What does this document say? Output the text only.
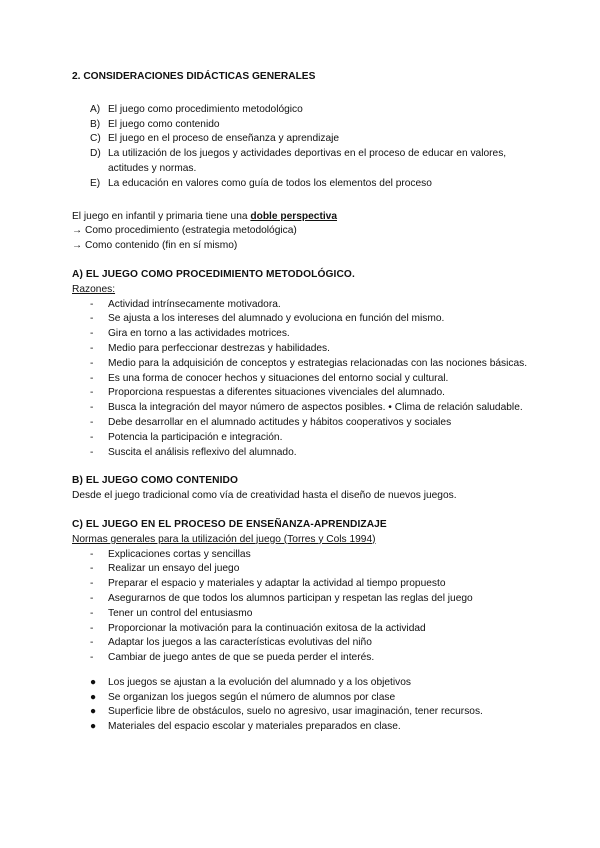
2. CONSIDERACIONES DIDÁCTICAS GENERALES

A) El juego como procedimiento metodológico
B) El juego como contenido
C) El juego en el proceso de enseñanza y aprendizaje
D) La utilización de los juegos y actividades deportivas en el proceso de educar en valores, actitudes y normas.
E) La educación en valores como guía de todos los elementos del proceso

El juego en infantil y primaria tiene una doble perspectiva

→ Como procedimiento (estrategia metodológica)

→ Como contenido (fin en sí mismo)

A) EL JUEGO COMO PROCEDIMIENTO METODOLÓGICO.

Razones:

- Actividad intrínsecamente motivadora.
- Se ajusta a los intereses del alumnado y evoluciona en función del mismo.
- Gira en torno a las actividades motrices.
- Medio para perfeccionar destrezas y habilidades.
- Medio para la adquisición de conceptos y estrategias relacionadas con las nociones básicas.
- Es una forma de conocer hechos y situaciones del entorno social y cultural.
- Proporciona respuestas a diferentes situaciones vivenciales del alumnado.
- Busca la integración del mayor número de aspectos posibles. • Clima de relación saludable.
- Debe desarrollar en el alumnado actitudes y hábitos cooperativos y sociales
- Potencia la participación e integración.
- Suscita el análisis reflexivo del alumnado.

B) EL JUEGO COMO CONTENIDO

Desde el juego tradicional como vía de creatividad hasta el diseño de nuevos juegos.

C) EL JUEGO EN EL PROCESO DE ENSEÑANZA-APRENDIZAJE

Normas generales para la utilización del juego (Torres y Cols 1994)

- Explicaciones cortas y sencillas
- Realizar un ensayo del juego
- Preparar el espacio y materiales y adaptar la actividad al tiempo propuesto
- Asegurarnos de que todos los alumnos participan y respetan las reglas del juego
- Tener un control del entusiasmo
- Proporcionar la motivación para la continuación exitosa de la actividad
- Adaptar los juegos a las características evolutivas del niño
- Cambiar de juego antes de que se pueda perder el interés.
● Los juegos se ajustan a la evolución del alumnado y a los objetivos
● Se organizan los juegos según el número de alumnos por clase
● Superficie libre de obstáculos, suelo no agresivo, usar imaginación, tener recursos.
● Materiales del espacio escolar y materiales preparados en clase.
